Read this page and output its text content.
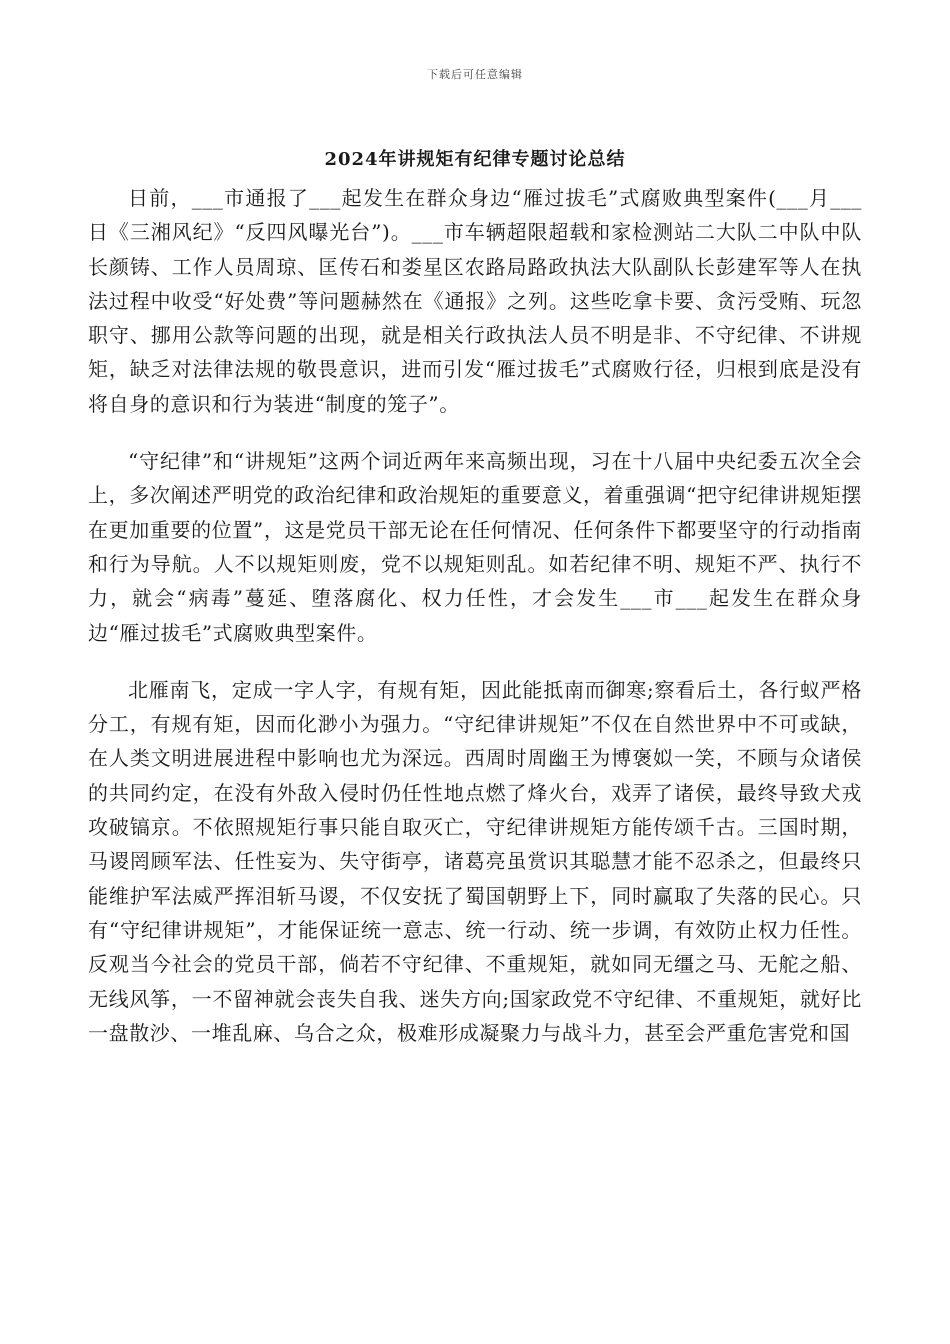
下载后可任意编辑
2024年讲规矩有纪律专题讨论总结

日前，___市通报了___起发生在群众身边“雁过拔毛”式腐败典型案件(___月___日《三湘风纪》“反四风曝光台”)。___市车辆超限超载和家检测站二大队二中队中队长颜铸、工作人员周琼、匡传石和娄星区农路局路政执法大队副队长彭建军等人在执法过程中收受“好处费”等问题赫然在《通报》之列。这些吃拿卡要、贪污受贿、玩忽职守、挪用公款等问题的出现，就是相关行政执法人员不明是非、不守纪律、不讲规矩，缺乏对法律法规的敬畏意识，进而引发“雁过拔毛”式腐败行径，归根到底是没有将自身的意识和行为装进“制度的笼子”。

“守纪律”和“讲规矩”这两个词近两年来高频出现，习在十八届中央纪委五次全会上，多次阐述严明党的政治纪律和政治规矩的重要意义，着重强调“把守纪律讲规矩摆在更加重要的位置”，这是党员干部无论在任何情况、任何条件下都要坚守的行动指南和行为导航。人不以规矩则废，党不以规矩则乱。如若纪律不明、规矩不严、执行不力，就会“病毒”蔓延、堕落腐化、权力任性，才会发生___市___起发生在群众身边“雁过拔毛”式腐败典型案件。

北雁南飞，定成一字人字，有规有矩，因此能抵南而御寒;察看后土，各行蚁严格分工，有规有矩，因而化渺小为强力。“守纪律讲规矩”不仅在自然世界中不可或缺，在人类文明进展进程中影响也尤为深远。西周时周幽王为博褒姒一笑，不顾与众诸侯的共同约定，在没有外敌入侵时仍任性地点燃了烽火台，戏弄了诸侯，最终导致犬戎攻破镐京。不依照规矩行事只能自取灭亡，守纪律讲规矩方能传颂千古。三国时期，马谡罔顾军法、任性妄为、失守街亭，诸葛亮虽赏识其聪慧才能不忍杀之，但最终只能维护军法威严挥泪斩马谡，不仅安抚了蜀国朝野上下，同时赢取了失落的民心。只有“守纪律讲规矩”，才能保证统一意志、统一行动、统一步调，有效防止权力任性。反观当今社会的党员干部，倘若不守纪律、不重规矩，就如同无缰之马、无舵之船、无线风筝，一不留神就会丧失自我、迷失方向;国家政党不守纪律、不重规矩，就好比一盘散沙、一堆乱麻、乌合之众，极难形成凝聚力与战斗力，甚至会严重危害党和国
